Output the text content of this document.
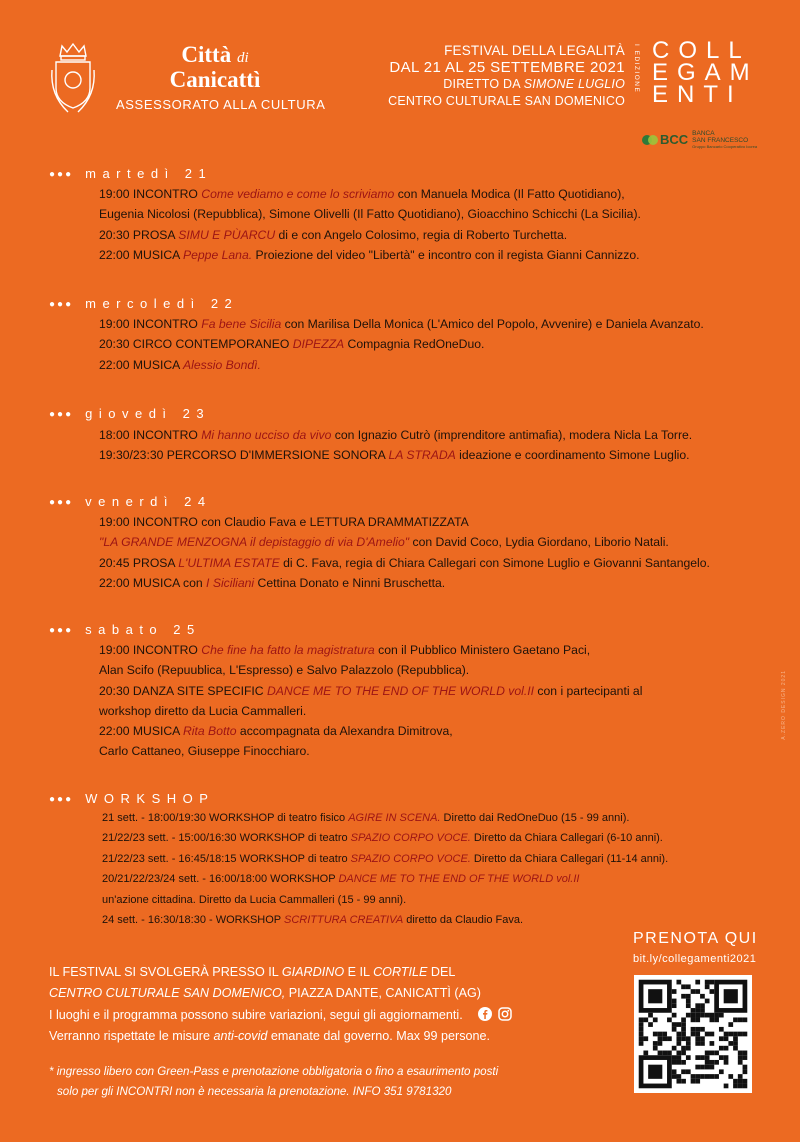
Città di
Canicattì
ASSESSORATO ALLA CULTURA
FESTIVAL DELLA LEGALITÀ
DAL 21 AL 25 SETTEMBRE 2021
DIRETTO DA SIMONE LUGLIO
CENTRO CULTURALE SAN DOMENICO
I EDIZIONE COLL
EGAM
ENTI
BCC BANCA
SAN FRANCESCO
Gruppo Bancario Cooperativo Iccrea
●●● martedì 21
19:00 INCONTRO Come vediamo e come lo scriviamo con Manuela Modica (Il Fatto Quotidiano),
Eugenia Nicolosi (Repubblica), Simone Olivelli (Il Fatto Quotidiano), Gioacchino Schicchi (La Sicilia).
20:30 PROSA SIMU E PÙARCU di e con Angelo Colosimo, regia di Roberto Turchetta.
22:00 MUSICA Peppe Lana. Proiezione del video "Libertà" e incontro con il regista Gianni Cannizzo.
●●● mercoledì 22
19:00 INCONTRO Fa bene Sicilia con Marilisa Della Monica (L'Amico del Popolo, Avvenire) e Daniela Avanzato.
20:30 CIRCO CONTEMPORANEO DIPEZZA Compagnia RedOneDuo.
22:00 MUSICA Alessio Bondì.
●●● giovedì 23
18:00 INCONTRO Mi hanno ucciso da vivo con Ignazio Cutrò (imprenditore antimafia), modera Nicla La Torre.
19:30/23:30 PERCORSO D'IMMERSIONE SONORA LA STRADA ideazione e coordinamento Simone Luglio.
●●● venerdì 24
19:00 INCONTRO con Claudio Fava e LETTURA DRAMMATIZZATA
"LA GRANDE MENZOGNA il depistaggio di via D'Amelio" con David Coco, Lydia Giordano, Liborio Natali.
20:45 PROSA L'ULTIMA ESTATE di C. Fava, regia di Chiara Callegari con Simone Luglio e Giovanni Santangelo.
22:00 MUSICA con I Siciliani Cettina Donato e Ninni Bruschetta.
●●● sabato 25
19:00 INCONTRO Che fine ha fatto la magistratura con il Pubblico Ministero Gaetano Paci,
Alan Scifo (Repuublica, L'Espresso) e Salvo Palazzolo (Repubblica).
20:30 DANZA SITE SPECIFIC DANCE ME TO THE END OF THE WORLD vol.II con i partecipanti al
workshop diretto da Lucia Cammalleri.
22:00 MUSICA Rita Botto accompagnata da Alexandra Dimitrova,
Carlo Cattaneo, Giuseppe Finocchiaro.
●●● WORKSHOP
21 sett. - 18:00/19:30 WORKSHOP di teatro fisico AGIRE IN SCENA. Diretto dai RedOneDuo (15 - 99 anni).
21/22/23 sett. - 15:00/16:30 WORKSHOP di teatro SPAZIO CORPO VOCE. Diretto da Chiara Callegari (6-10 anni).
21/22/23 sett. - 16:45/18:15 WORKSHOP di teatro SPAZIO CORPO VOCE. Diretto da Chiara Callegari (11-14 anni).
20/21/22/23/24 sett. - 16:00/18:00 WORKSHOP DANCE ME TO THE END OF THE WORLD vol.II
un'azione cittadina. Diretto da Lucia Cammalleri (15 - 99 anni).
24 sett. - 16:30/18:30 - WORKSHOP SCRITTURA CREATIVA diretto da Claudio Fava.
IL FESTIVAL SI SVOLGERÀ PRESSO IL GIARDINO E IL CORTILE DEL
CENTRO CULTURALE SAN DOMENICO, PIAZZA DANTE, CANICATTÌ (AG)
I luoghi e il programma possono subire variazioni, segui gli aggiornamenti.
Verranno rispettate le misure anti-covid emanate dal governo. Max 99 persone.
* ingresso libero con Green-Pass e prenotazione obbligatoria o fino a esaurimento posti
solo per gli INCONTRI non è necessaria la prenotazione. INFO 351 9781320
PRENOTA QUI
bit.ly/collegamenti2021
A.ZERO DESIGN 2021
